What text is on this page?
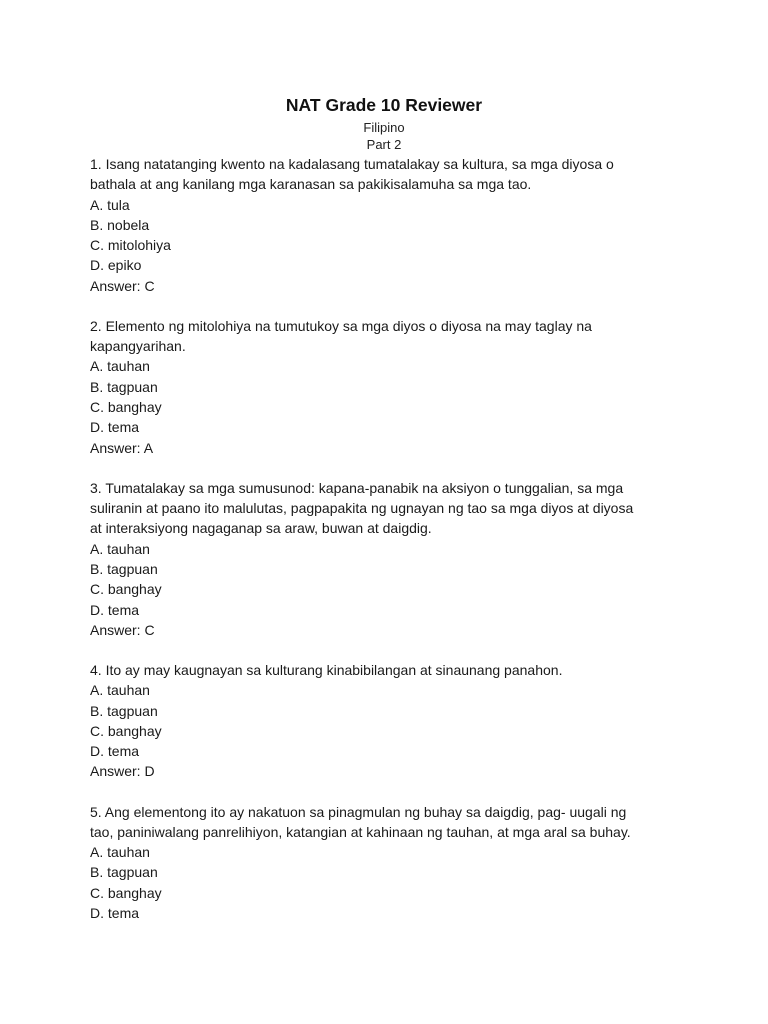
NAT Grade 10 Reviewer
Filipino
Part 2
1. Isang natatanging kwento na kadalasang tumatalakay sa kultura, sa mga diyosa o
bathala at ang kanilang mga karanasan sa pakikisalamuha sa mga tao.
A. tula
B. nobela
C. mitolohiya
D. epiko
Answer: C
2. Elemento ng mitolohiya na tumutukoy sa mga diyos o diyosa na may taglay na
kapangyarihan.
A. tauhan
B. tagpuan
C. banghay
D. tema
Answer: A
3. Tumatalakay sa mga sumusunod: kapana-panabik na aksiyon o tunggalian, sa mga
suliranin at paano ito malulutas, pagpapakita ng ugnayan ng tao sa mga diyos at diyosa
at interaksiyong nagaganap sa araw, buwan at daigdig.
A. tauhan
B. tagpuan
C. banghay
D. tema
Answer: C
4. Ito ay may kaugnayan sa kulturang kinabibilangan at sinaunang panahon.
A. tauhan
B. tagpuan
C. banghay
D. tema
Answer: D
5. Ang elementong ito ay nakatuon sa pinagmulan ng buhay sa daigdig, pag- uugali ng
tao, paniniwalang panrelihiyon, katangian at kahinaan ng tauhan, at mga aral sa buhay.
A. tauhan
B. tagpuan
C. banghay
D. tema
